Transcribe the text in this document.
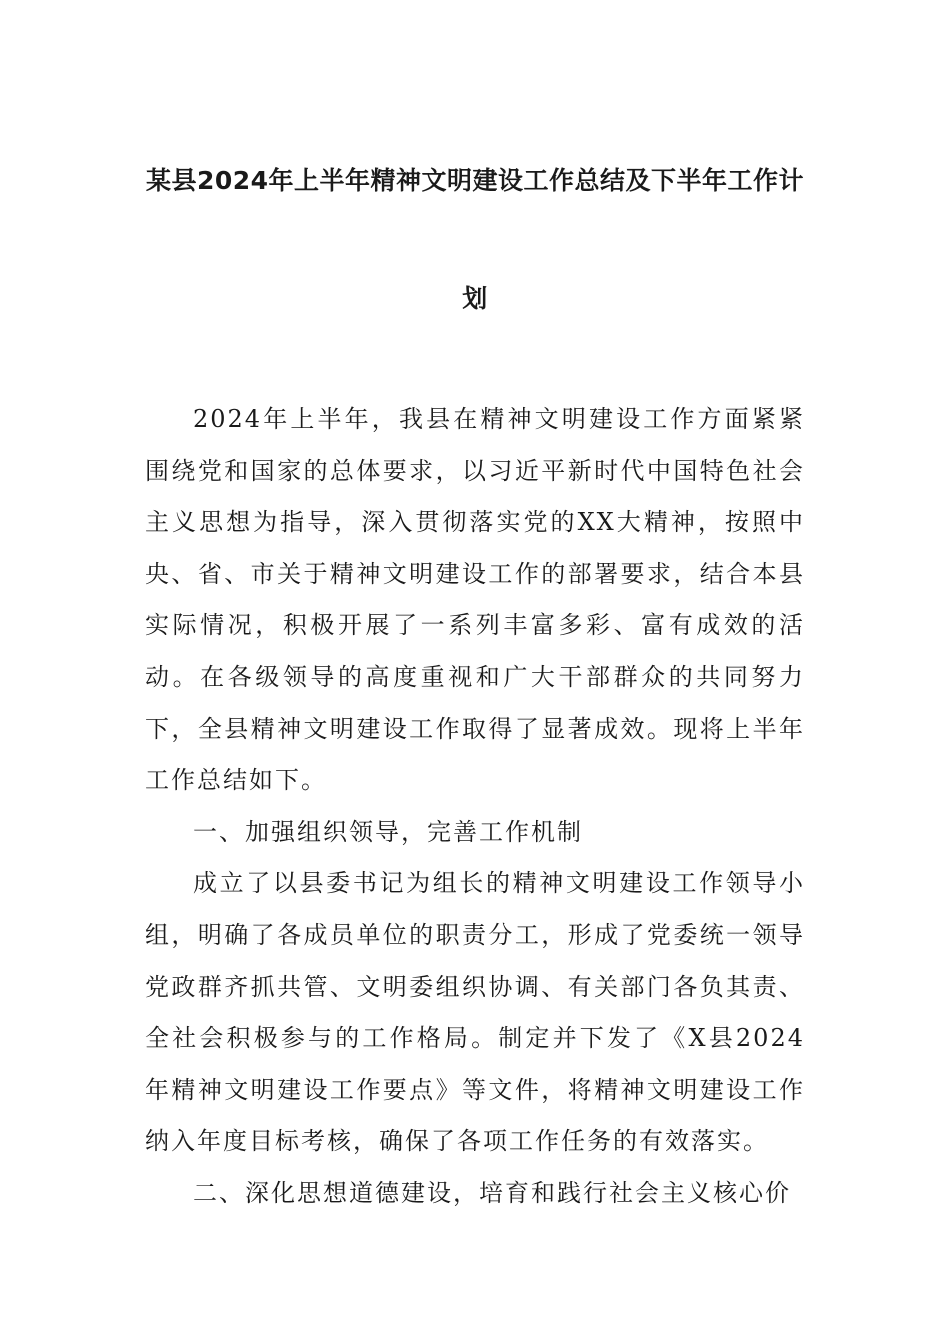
某县2024年上半年精神文明建设工作总结及下半年工作计
划

2024年上半年，我县在精神文明建设工作方面紧紧围绕党和国家的总体要求，以习近平新时代中国特色社会主义思想为指导，深入贯彻落实党的XX大精神，按照中央、省、市关于精神文明建设工作的部署要求，结合本县实际情况，积极开展了一系列丰富多彩、富有成效的活动。在各级领导的高度重视和广大干部群众的共同努力下，全县精神文明建设工作取得了显著成效。现将上半年工作总结如下。

一、加强组织领导，完善工作机制

成立了以县委书记为组长的精神文明建设工作领导小组，明确了各成员单位的职责分工，形成了党委统一领导党政群齐抓共管、文明委组织协调、有关部门各负其责、全社会积极参与的工作格局。制定并下发了《X县2024年精神文明建设工作要点》等文件，将精神文明建设工作纳入年度目标考核，确保了各项工作任务的有效落实。

二、深化思想道德建设，培育和践行社会主义核心价
